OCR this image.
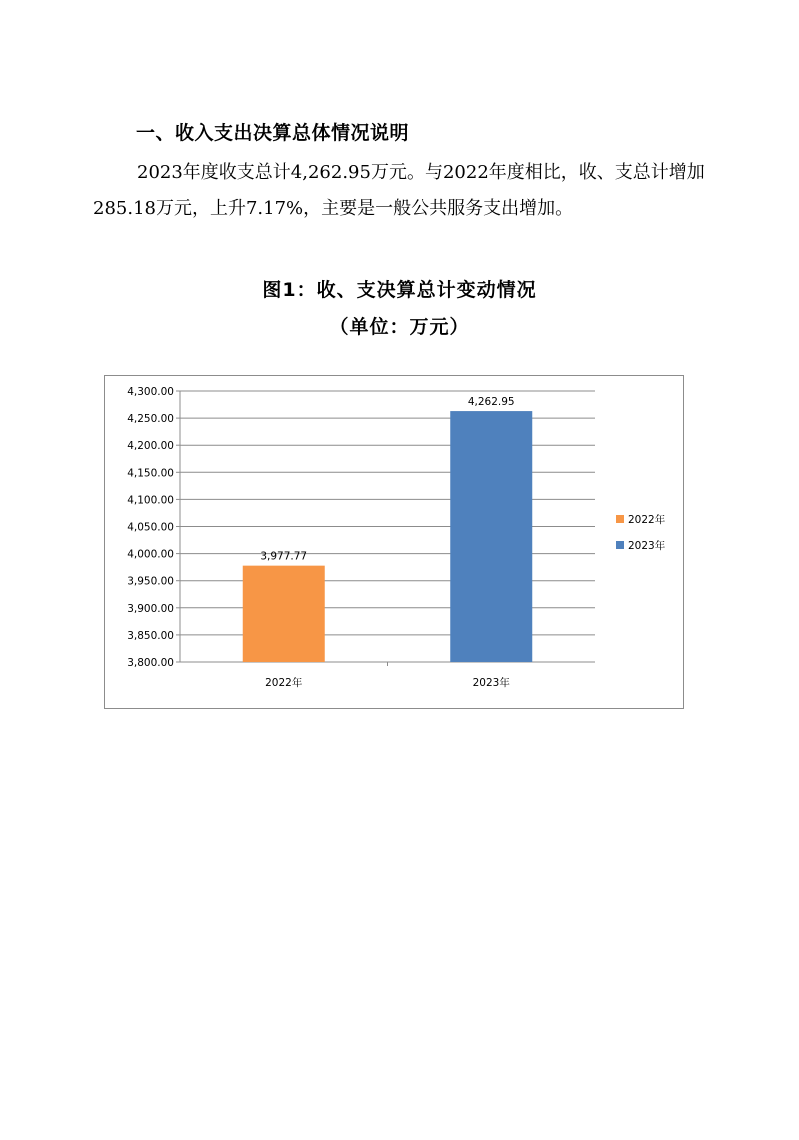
一、收入支出决算总体情况说明
2023年度收支总计4,262.95万元。与2022年度相比，收、支总计增加285.18万元，上升7.17%，主要是一般公共服务支出增加。
图1：收、支决算总计变动情况
（单位：万元）
3,800.00
3,850.00
3,900.00
3,950.00
4,000.00
4,050.00
4,100.00
4,150.00
4,200.00
4,250.00
4,300.00
3,977.77
2022年
4,262.95
2023年
2022年
2023年
